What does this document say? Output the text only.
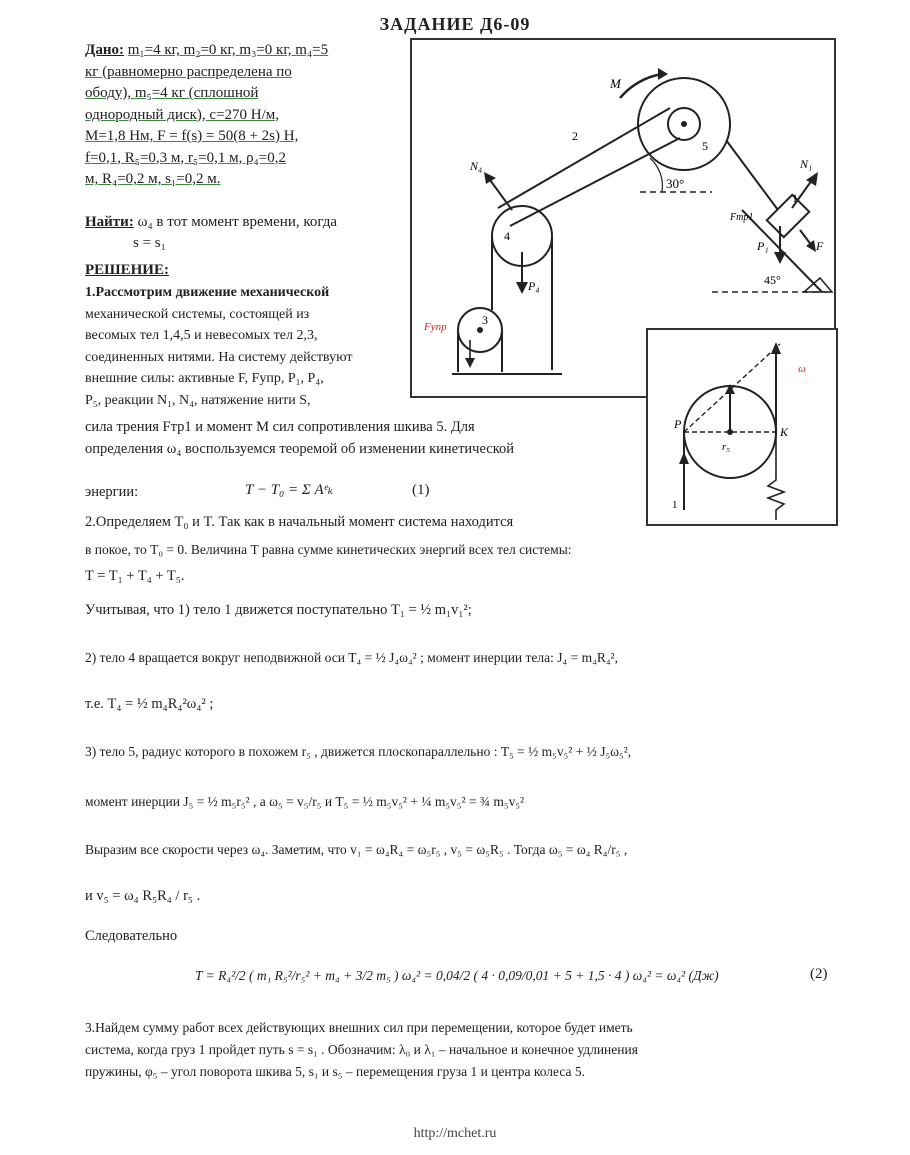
ЗАДАНИЕ Д6-09
Дано: m₁=4 кг, m₂=0 кг, m₃=0 кг, m₄=5
кг (равномерно распределена по
ободу), m₅=4 кг (сплошной
однородный диск), c=270 Н/м,
M=1,8 Нм, F = f(s) = 50(8 + 2s) Н,
f=0,1, R₅=0,3 м, r₅=0,1 м, ρ₄=0,2
м, R₄=0,2 м, s₁=0,2 м.
Найти: ω₄ в тот момент времени, когда
s = s₁
РЕШЕНИЕ:
1.Рассмотрим движение механической
механической системы, состоящей из
весомых тел 1,4,5 и невесомых тел 2,3,
соединенных нитями. На систему действуют
внешние силы: активные F, Fупр, P₁, P₄,
P₅, реакции N₁, N₄, натяжение нити S,
сила трения Fтр1 и момент M сил сопротивления шкива 5. Для
определения ω₄ воспользуемся теоремой об изменении кинетической
энергии:	T − T₀ = Σ Aᵉₖ	(1)
2.Определяем T₀ и T. Так как в начальный момент система находится
в покое, то T₀ = 0. Величина T равна сумме кинетических энергий всех тел системы:
T = T₁ + T₄ + T₅.
Учитывая, что 1) тело 1 движется поступательно T₁ = ½ m₁v₁²;
2) тело 4 вращается вокруг неподвижной оси T₄ = ½ J₄ω₄² ; момент инерции тела: J₄ = m₄R₄²,
т.е. T₄ = ½ m₄R₄²ω₄² ;
3) тело 5, радиус которого в похожем r₅ , движется плоскопараллельно : T₅ = ½ m₅v₅² + ½ J₅ω₅²,
момент инерции J₅ = ½ m₅r₅² , а ω₅ = v₅/r₅ и T₅ = ½ m₅v₅² + ¼ m₅v₅² = ¾ m₅v₅²
Выразим все скорости через ω₄. Заметим, что v₁ = ω₄R₄ = ω₅r₅ , v₅ = ω₅R₅ . Тогда ω₅ = ω₄ R₄/r₅ ,
и v₅ = ω₄ R₅R₄ / r₅ .
Следовательно
T = R₄²/2 ( m₁ R₅²/r₅² + m₄ + 3/2 m₅ ) ω₄² = 0,04/2 ( 4 · 0,09/0,01 + 5 + 1,5 · 4 ) ω₄² = ω₄² (Дж)	(2)
3.Найдем сумму работ всех действующих внешних сил при перемещении, которое будет иметь
система, когда груз 1 пройдет путь s = s₁ . Обозначим: λ₀ и λ₁ – начальное и конечное удлинения
пружины, φ₅ – угол поворота шкива 5, s₁ и s₅ – перемещения груза 1 и центра колеса 5.
30°
M
5
4
N₄
P₄
3
Fупр
1
45°
N₁
P₁	F
Fтр1
2
P
K
r₅
ω
1
http://mchet.ru
